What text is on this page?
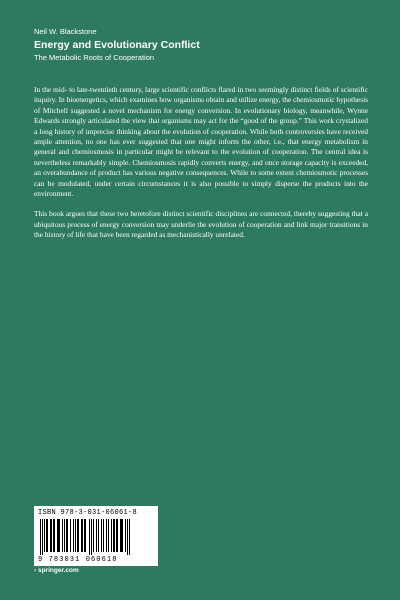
Neil W. Blackstone
Energy and Evolutionary Conflict
The Metabolic Roots of Cooperation

In the mid- to late-twentieth century, large scientific conflicts flared in two seemingly distinct fields of scientific inquiry. In bioenergetics, which examines how organisms obtain and utilize energy, the chemiosmotic hypothesis of Mitchell suggested a novel mechanism for energy conversion. In evolutionary biology, meanwhile, Wynne Edwards strongly articulated the view that organisms may act for the “good of the group.” This work crystalized a long history of imprecise thinking about the evolution of cooperation. While both controversies have received ample attention, no one has ever suggested that one might inform the other, i.e., that energy metabolism in general and chemiosmosis in particular might be relevant to the evolution of cooperation. The central idea is nevertheless remarkably simple. Chemiosmosis rapidly converts energy, and once storage capacity is exceeded, an overabundance of product has various negative consequences. While to some extent chemiosmotic processes can be modulated, under certain circumstances it is also possible to simply disperse the products into the environment.

This book argues that these two heretofore distinct scientific disciplines are connected, thereby suggesting that a ubiquitous process of energy conversion may underlie the evolution of cooperation and link major transitions in the history of life that have been regarded as mechanistically unrelated.

ISBN 978-3-031-06061-8
9 783031 060618
› springer.com
